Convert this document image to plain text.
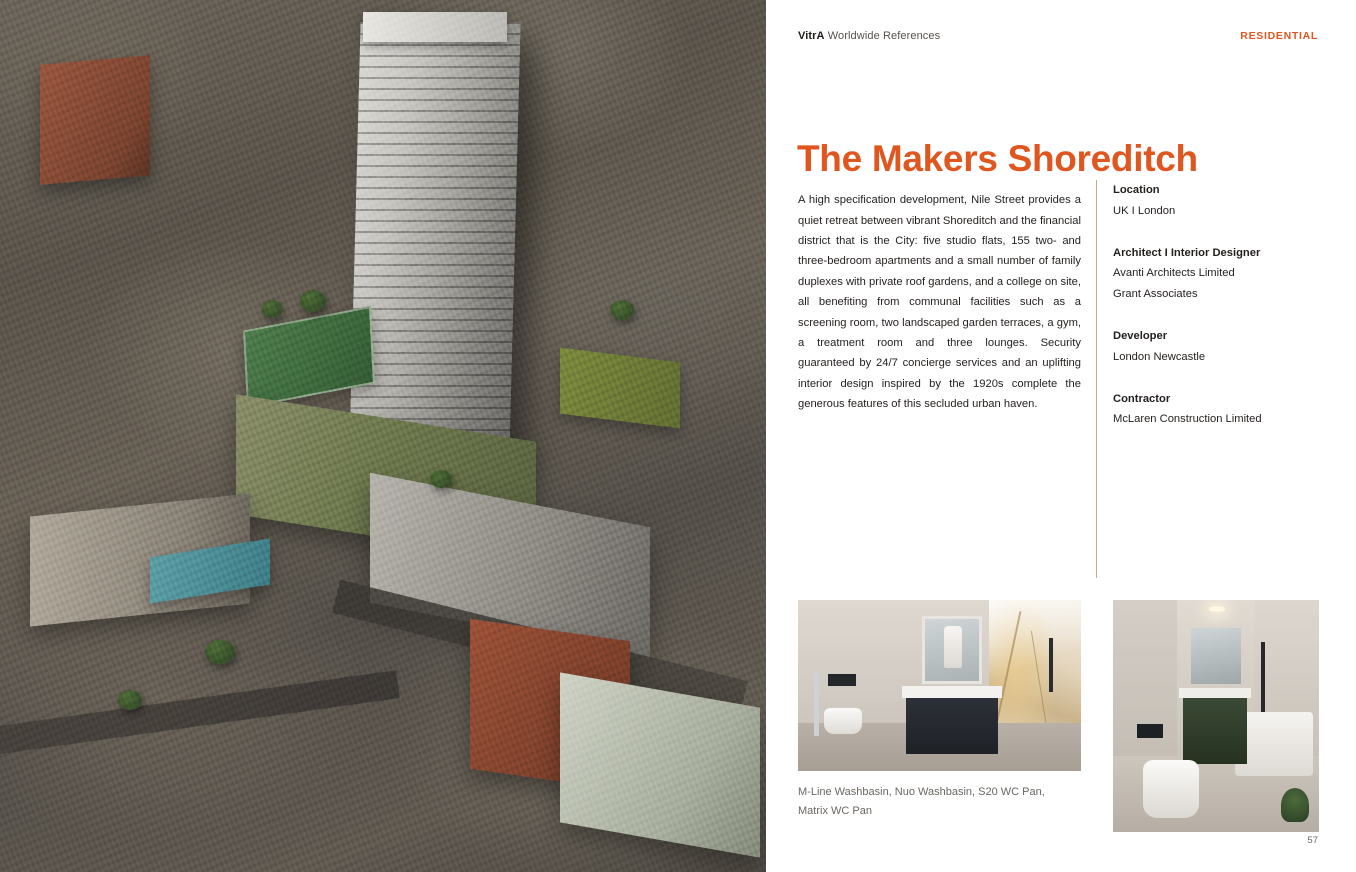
VitrA Worldwide References	RESIDENTIAL
The Makers Shoreditch

A high specification development, Nile Street provides a quiet retreat between vibrant Shoreditch and the financial district that is the City: five studio flats, 155 two- and three-bedroom apartments and a small number of family duplexes with private roof gardens, and a college on site, all benefiting from communal facilities such as a screening room, two landscaped garden terraces, a gym, a treatment room and three lounges. Security guaranteed by 24/7 concierge services and an uplifting interior design inspired by the 1920s complete the generous features of this secluded urban haven.

Location
UK I London
Architect I Interior Designer
Avanti Architects Limited
Grant Associates
Developer
London Newcastle
Contractor
McLaren Construction Limited
M-Line Washbasin, Nuo Washbasin, S20 WC Pan,
Matrix WC Pan
57
